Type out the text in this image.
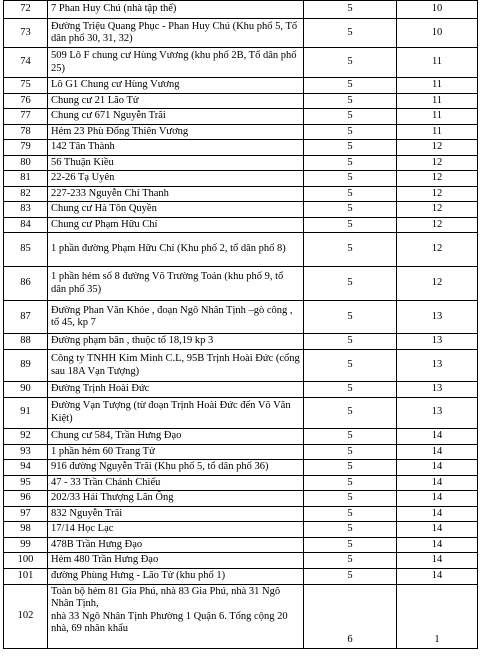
72	7 Phan Huy Chú (nhà tập thể)	5	10
73	Đường Triệu Quang Phục - Phan Huy Chú (Khu phố 5, Tổ dân phố 30, 31, 32)	5	10
74	509 Lô F chung cư Hùng Vương (khu phố 2B, Tổ dân phố 25)	5	11
75	Lô G1 Chung cư Hùng Vương	5	11
76	Chung cư 21 Lão Tử	5	11
77	Chung cư 671 Nguyễn Trãi	5	11
78	Hẻm 23 Phù Đổng Thiên Vương	5	11
79	142 Tân Thành	5	12
80	56 Thuận Kiều	5	12
81	22-26 Tạ Uyên	5	12
82	227-233 Nguyễn Chí Thanh	5	12
83	Chung cư Hà Tôn Quyền	5	12
84	Chung cư Phạm Hữu Chí	5	12
85	1 phần đường Phạm Hữu Chí (Khu phố 2, tổ dân phố 8)	5	12
86	1 phần hẻm số 8 đường Võ Trường Toản (khu phố 9, tổ dân phố 35)	5	12
87	Đường Phan Văn Khỏe , đoạn Ngô Nhân Tịnh –gò công , tổ 45, kp 7	5	13
88	Đường phạm bân , thuộc tổ 18,19 kp 3	5	13
89	Công ty TNHH Kim Minh C.L, 95B Trịnh Hoài Đức (cổng sau 18A Vạn Tượng)	5	13
90	Đường Trịnh Hoài Đức	5	13
91	Đường Vạn Tượng (từ đoạn Trịnh Hoài Đức đến Võ Văn Kiệt)	5	13
92	Chung cư 584, Trần Hưng Đạo	5	14
93	1 phần hẻm 60 Trang Tử	5	14
94	916 đường Nguyễn Trãi (Khu phố 5, tổ dân phố 36)	5	14
95	47 - 33 Trần Chánh Chiếu	5	14
96	202/33 Hải Thượng Lãn Ông	5	14
97	832 Nguyễn Trãi	5	14
98	17/14 Học Lạc	5	14
99	478B Trần Hưng Đạo	5	14
100	Hẻm 480 Trần Hưng Đạo	5	14
101	đường Phùng Hưng - Lão Tử (khu phố 1)	5	14
102	Toàn bộ hẻm 81 Gia Phú, nhà 83 Gia Phú, nhà 31 Ngô Nhân Tịnh,
nhà 33 Ngô Nhân Tịnh Phường 1 Quận 6. Tổng cộng 20 nhà, 69 nhân khẩu	6	1
